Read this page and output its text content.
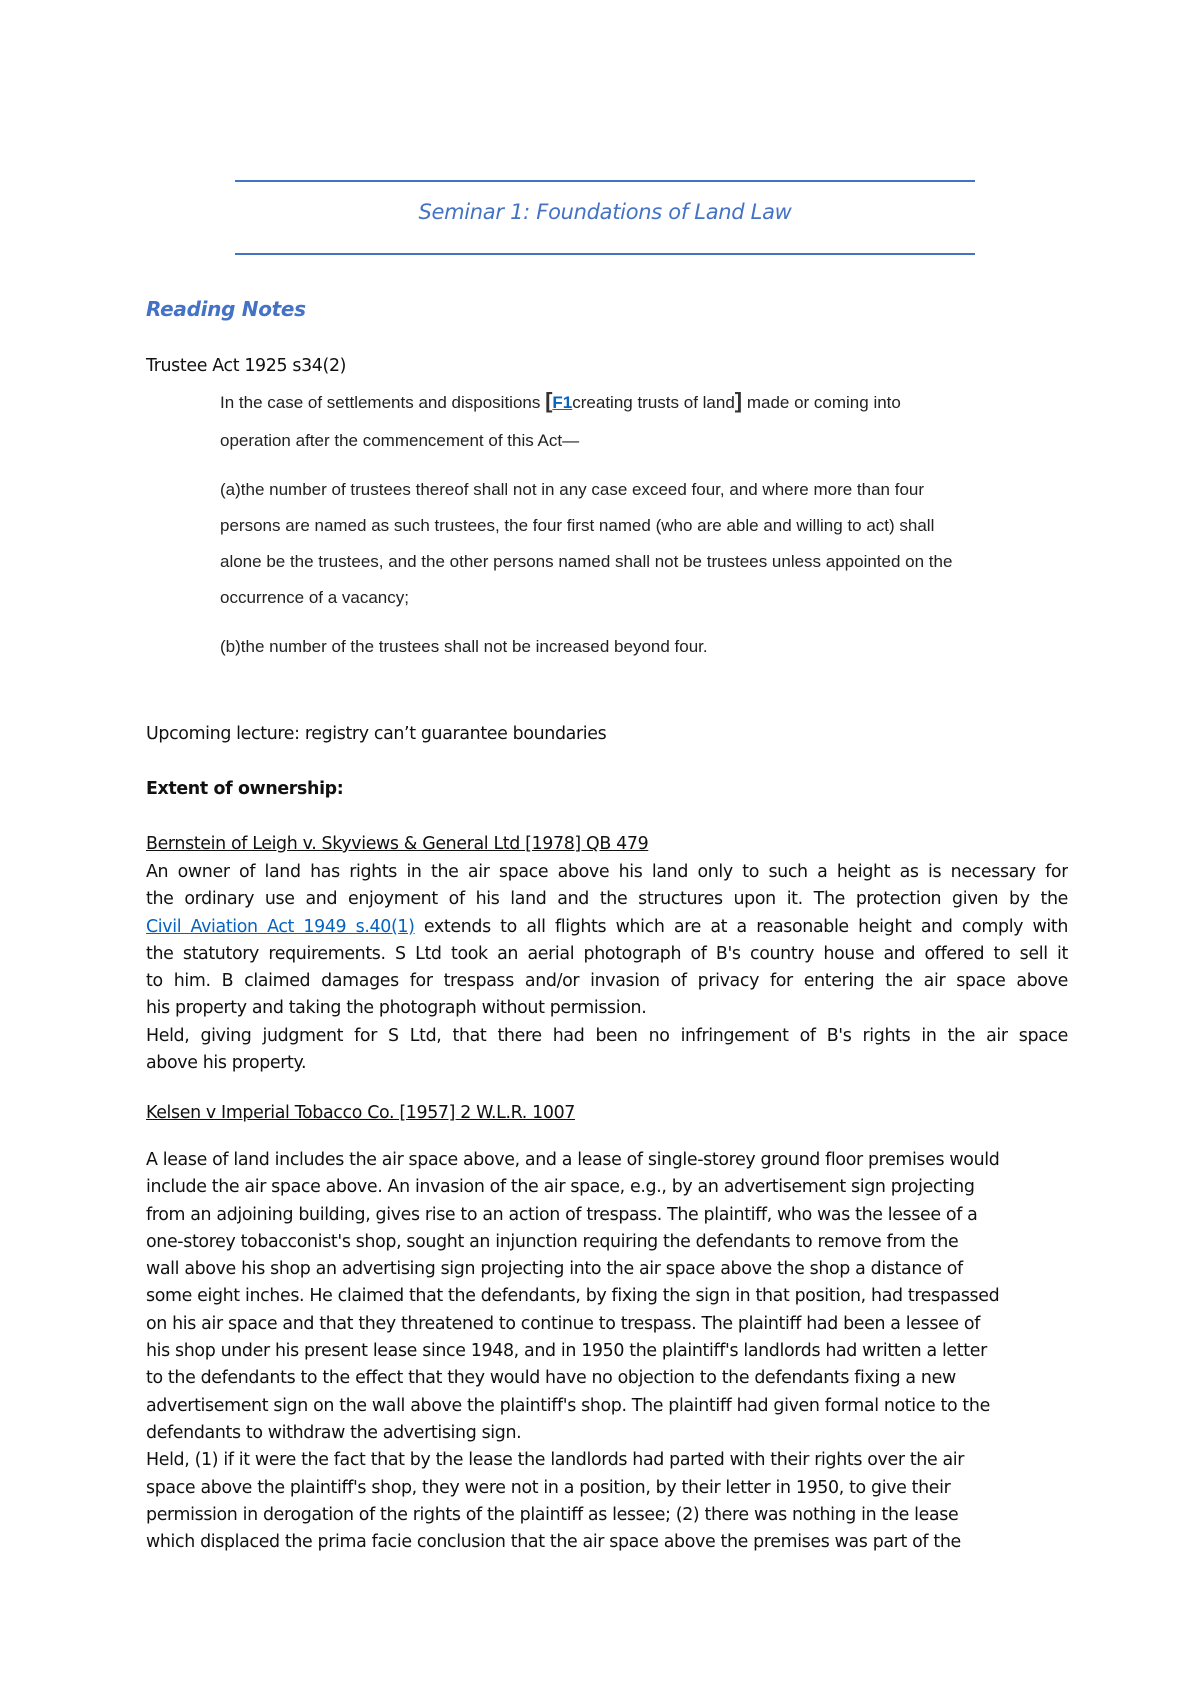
Seminar 1: Foundations of Land Law
Reading Notes
Trustee Act 1925 s34(2)
In the case of settlements and dispositions [F1creating trusts of land] made or coming into
operation after the commencement of this Act—
(a)the number of trustees thereof shall not in any case exceed four, and where more than four
persons are named as such trustees, the four first named (who are able and willing to act) shall
alone be the trustees, and the other persons named shall not be trustees unless appointed on the
occurrence of a vacancy;
(b)the number of the trustees shall not be increased beyond four.
Upcoming lecture: registry can’t guarantee boundaries
Extent of ownership:
Bernstein of Leigh v. Skyviews & General Ltd [1978] QB 479
An owner of land has rights in the air space above his land only to such a height as is necessary for
the ordinary use and enjoyment of his land and the structures upon it. The protection given by the
Civil Aviation Act 1949 s.40(1) extends to all flights which are at a reasonable height and comply with
the statutory requirements. S Ltd took an aerial photograph of B's country house and offered to sell it
to him. B claimed damages for trespass and/or invasion of privacy for entering the air space above
his property and taking the photograph without permission.
Held, giving judgment for S Ltd, that there had been no infringement of B's rights in the air space
above his property.
Kelsen v Imperial Tobacco Co. [1957] 2 W.L.R. 1007
A lease of land includes the air space above, and a lease of single-storey ground floor premises would
include the air space above. An invasion of the air space, e.g., by an advertisement sign projecting
from an adjoining building, gives rise to an action of trespass. The plaintiff, who was the lessee of a
one-storey tobacconist's shop, sought an injunction requiring the defendants to remove from the
wall above his shop an advertising sign projecting into the air space above the shop a distance of
some eight inches. He claimed that the defendants, by fixing the sign in that position, had trespassed
on his air space and that they threatened to continue to trespass. The plaintiff had been a lessee of
his shop under his present lease since 1948, and in 1950 the plaintiff's landlords had written a letter
to the defendants to the effect that they would have no objection to the defendants fixing a new
advertisement sign on the wall above the plaintiff's shop. The plaintiff had given formal notice to the
defendants to withdraw the advertising sign.
Held, (1) if it were the fact that by the lease the landlords had parted with their rights over the air
space above the plaintiff's shop, they were not in a position, by their letter in 1950, to give their
permission in derogation of the rights of the plaintiff as lessee; (2) there was nothing in the lease
which displaced the prima facie conclusion that the air space above the premises was part of the
